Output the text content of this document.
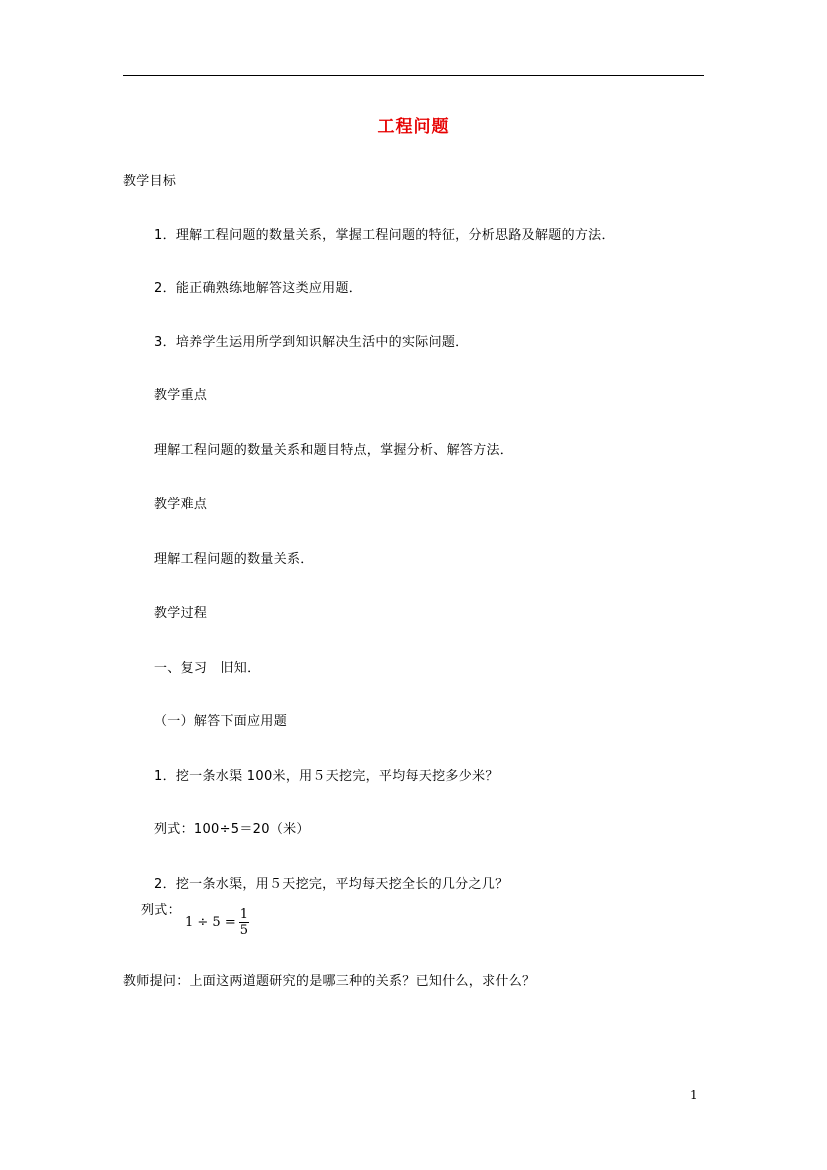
工程问题
教学目标
1．理解工程问题的数量关系，掌握工程问题的特征，分析思路及解题的方法．
2．能正确熟练地解答这类应用题．
3．培养学生运用所学到知识解决生活中的实际问题．
教学重点
理解工程问题的数量关系和题目特点，掌握分析、解答方法．
教学难点
理解工程问题的数量关系．
教学过程
一、复习　旧知．
（一）解答下面应用题
1．挖一条水渠 100米，用５天挖完，平均每天挖多少米？
列式：100÷5＝20（米）
2．挖一条水渠，用５天挖完，平均每天挖全长的几分之几？
列式：
$1 \div 5 = \frac{1}{5}$
教师提问：上面这两道题研究的是哪三种的关系？已知什么，求什么？
1
